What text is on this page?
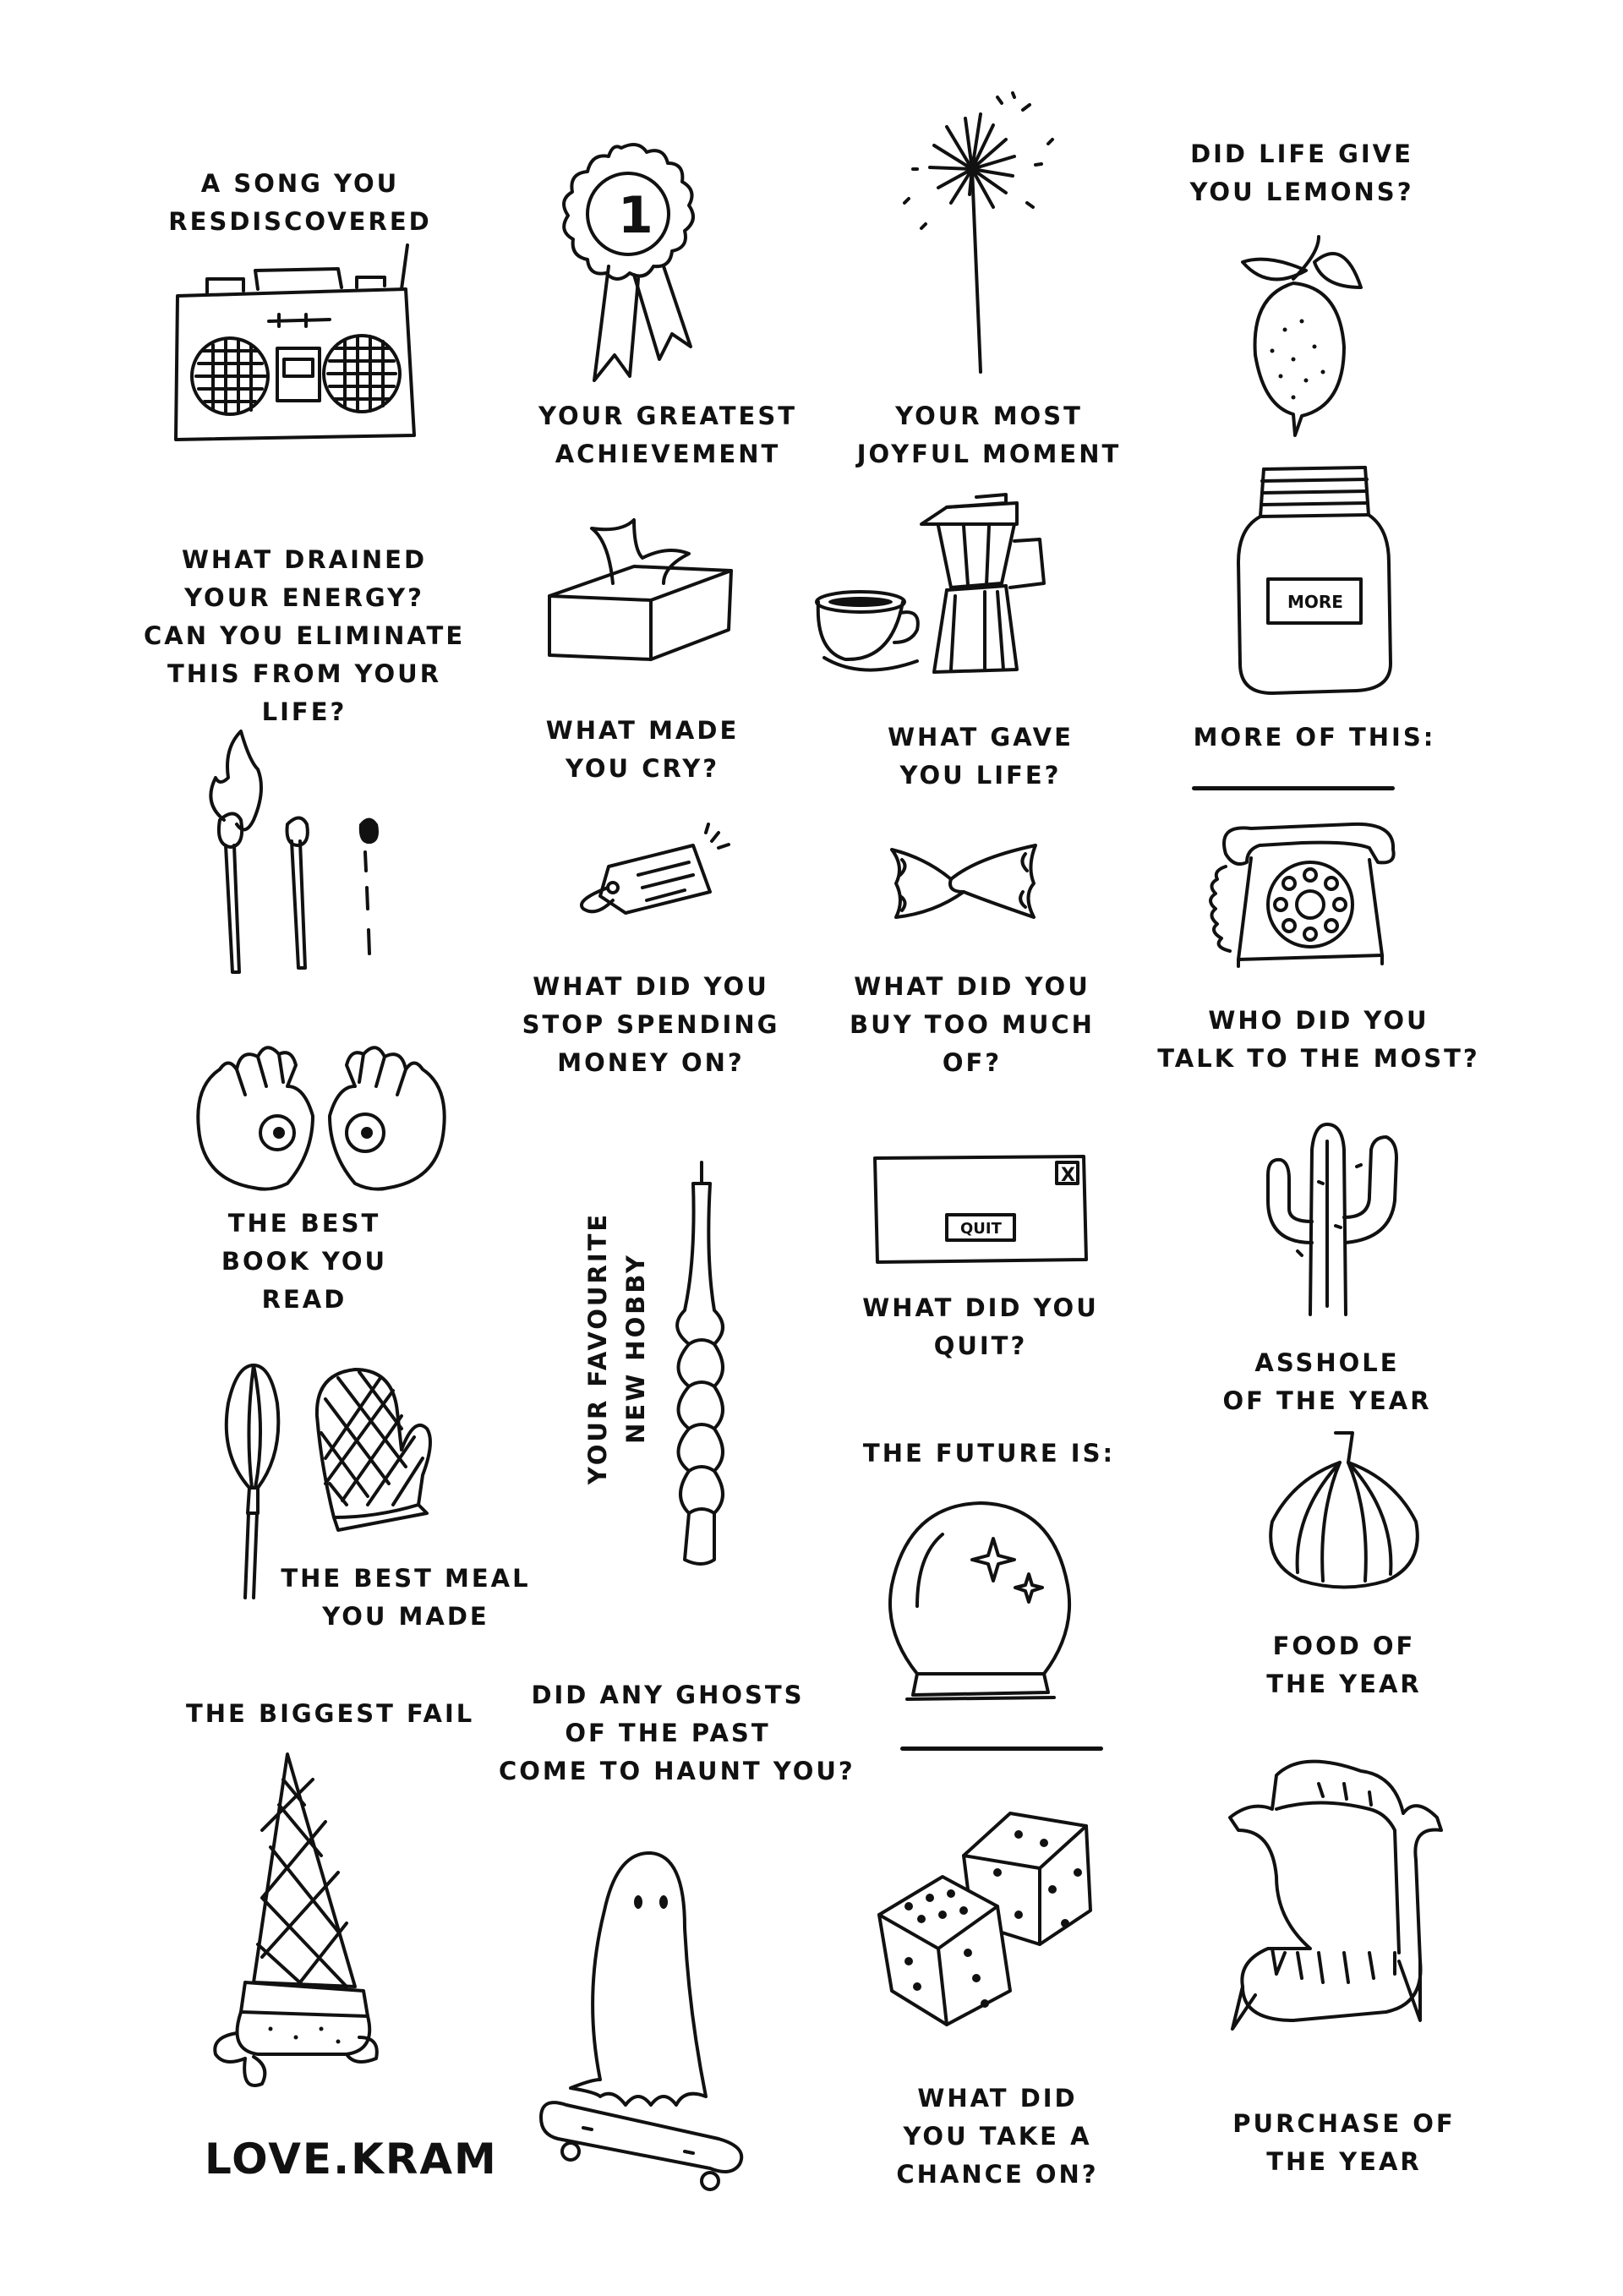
A SONG YOU
RESDISCOVERED
YOUR GREATEST
ACHIEVEMENT
YOUR MOST
JOYFUL MOMENT
DID LIFE GIVE
YOU LEMONS?
WHAT DRAINED
YOUR ENERGY?
CAN YOU ELIMINATE
THIS FROM YOUR
LIFE?
WHAT MADE
YOU CRY?
WHAT GAVE
YOU LIFE?
MORE OF THIS:
WHAT DID YOU
STOP SPENDING
MONEY ON?
WHAT DID YOU
BUY TOO MUCH
OF?
WHO DID YOU
TALK TO THE MOST?
THE BEST
BOOK YOU
READ	YOUR FAVOURITE NEW HOBBY	WHAT DID YOU
QUIT?
ASSHOLE
OF THE YEAR
THE FUTURE IS:
THE BEST MEAL
YOU MADE
FOOD OF
THE YEAR
THE BIGGEST FAIL
DID ANY GHOSTS
OF THE PAST
COME TO HAUNT YOU?
WHAT DID
YOU TAKE A
CHANCE ON?
PURCHASE OF
THE YEAR
LOVE.KRAM
1
MORE
X
QUIT
